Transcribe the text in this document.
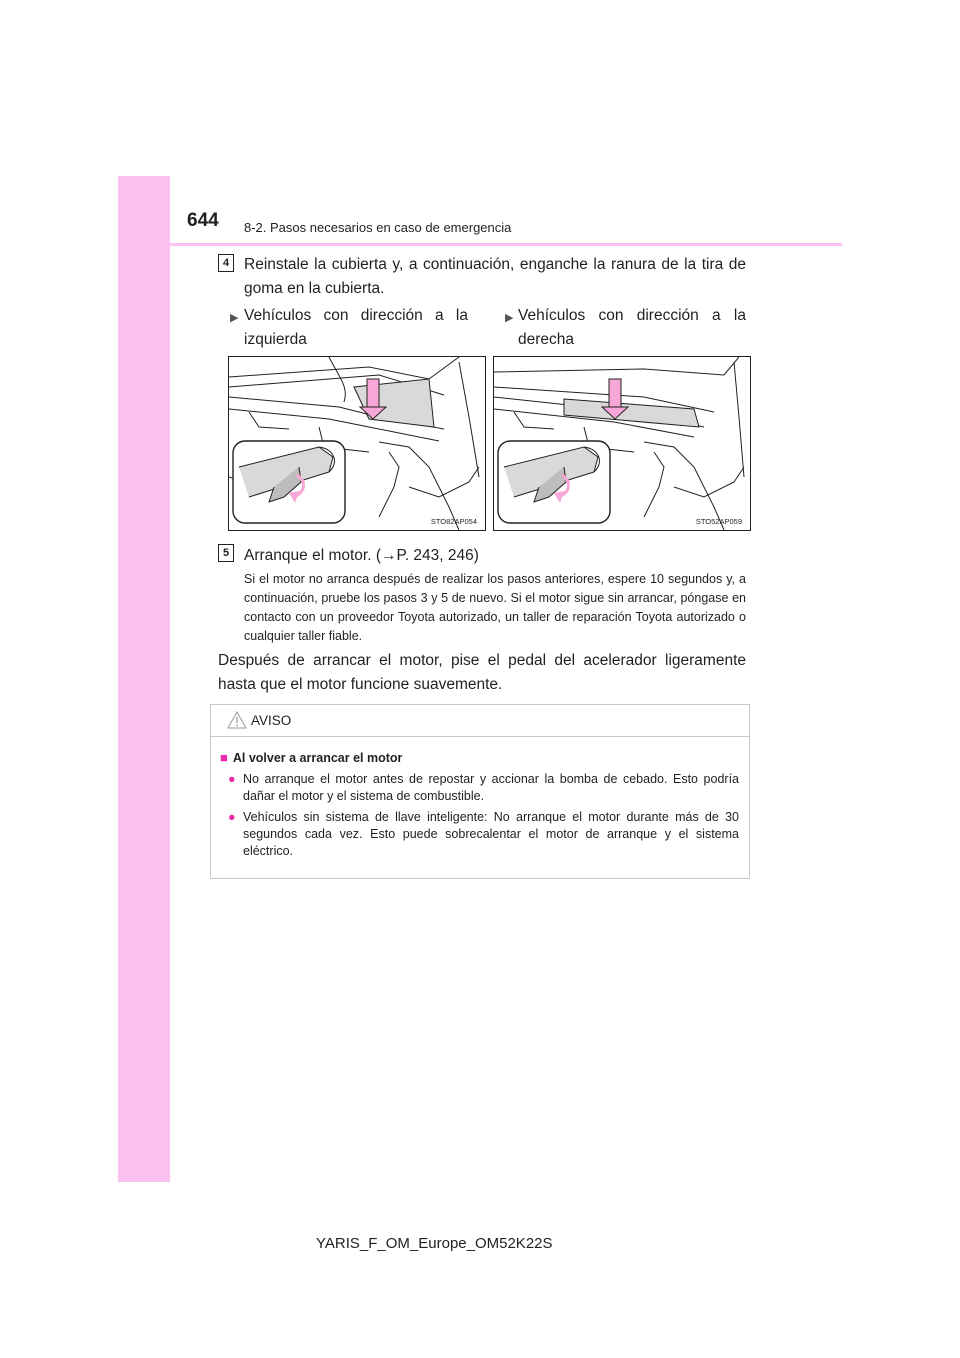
644 8-2. Pasos necesarios en caso de emergencia
4 Reinstale la cubierta y, a continuación, enganche la ranura de la tira de goma en la cubierta.

▶ Vehículos con dirección a la izquierda

▶ Vehículos con dirección a la derecha

STO82AP054	STO52AP059
5 Arranque el motor. (→P. 243, 246)

Si el motor no arranca después de realizar los pasos anteriores, espere 10 segundos y, a continuación, pruebe los pasos 3 y 5 de nuevo. Si el motor sigue sin arrancar, póngase en contacto con un proveedor Toyota autorizado, un taller de reparación Toyota autorizado o cualquier taller fiable.

Después de arrancar el motor, pise el pedal del acelerador ligeramente hasta que el motor funcione suavemente.

AVISO
■ Al volver a arrancar el motor
● No arranque el motor antes de repostar y accionar la bomba de cebado. Esto podría dañar el motor y el sistema de combustible.
● Vehículos sin sistema de llave inteligente: No arranque el motor durante más de 30 segundos cada vez. Esto puede sobrecalentar el motor de arranque y el sistema eléctrico.
YARIS_F_OM_Europe_OM52K22S
